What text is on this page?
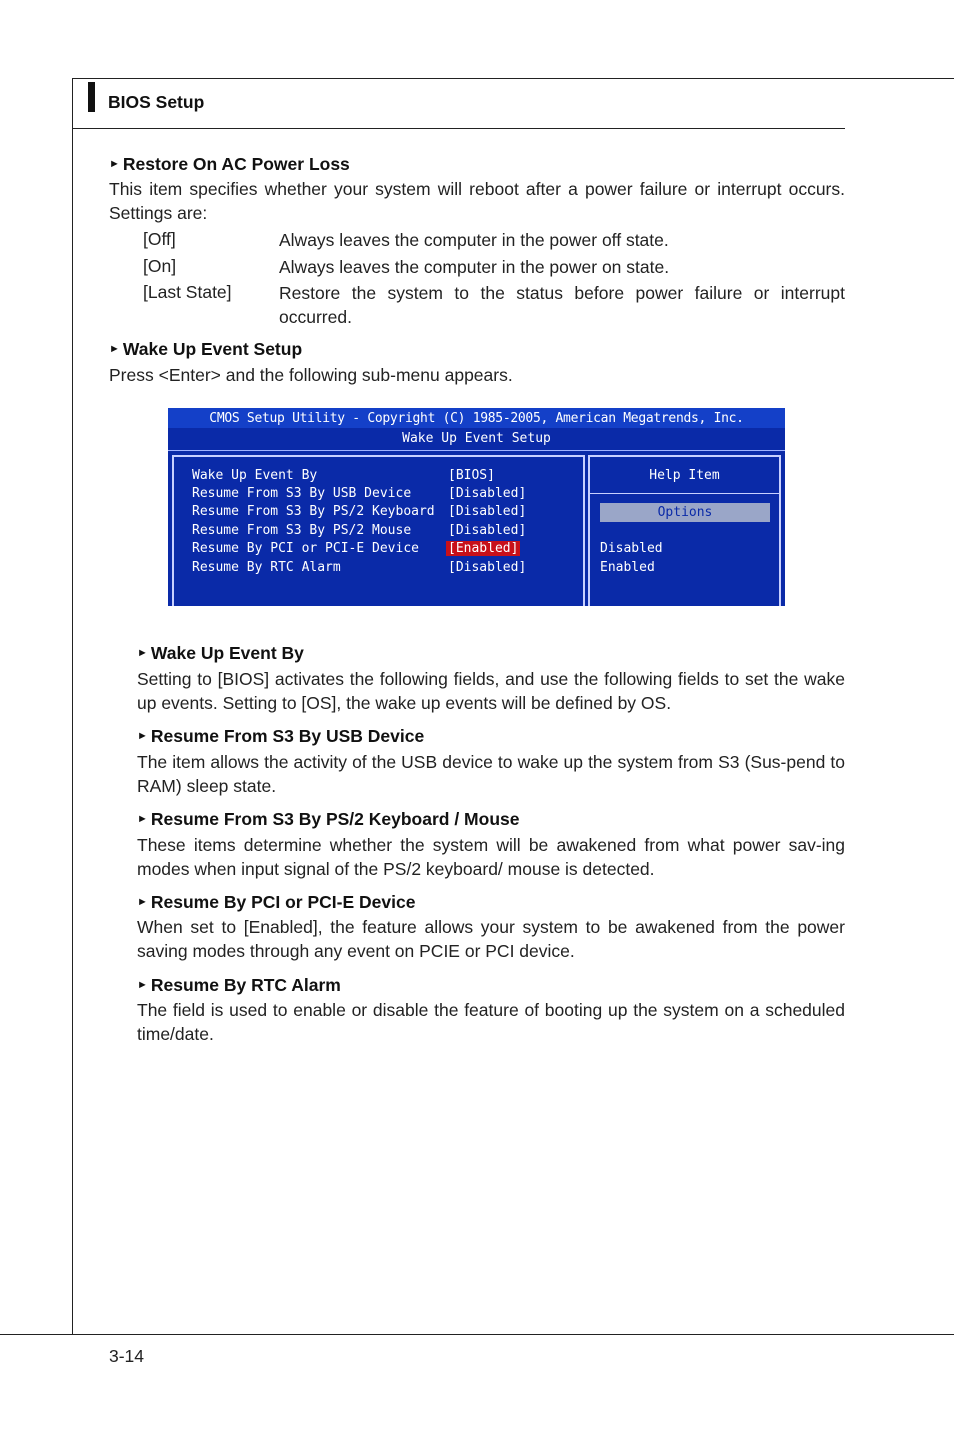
BIOS Setup
► Restore On AC Power Loss
This item specifies whether your system will reboot after a power failure or interrupt occurs. Settings are:
[Off]	Always leaves the computer in the power off state.
[On]	Always leaves the computer in the power on state.
[Last State]	Restore the system to the status before power failure or interrupt occurred.
► Wake Up Event Setup
Press <Enter> and the following sub-menu appears.
CMOS Setup Utility - Copyright (C) 1985-2005, American Megatrends, Inc.
Wake Up Event Setup
Help Item
Wake Up Event By	[BIOS]
Resume From S3 By USB Device	[Disabled]
Resume From S3 By PS/2 Keyboard [Disabled]
Resume From S3 By PS/2 Mouse	[Disabled]
Resume By PCI or PCI-E Device [Enabled]
Resume By RTC Alarm	[Disabled]
Options
Disabled
Enabled
► Wake Up Event By
Setting to [BIOS] activates the following fields, and use the following fields to set the wake up events. Setting to [OS], the wake up events will be defined by OS.
► Resume From S3 By USB Device
The item allows the activity of the USB device to wake up the system from S3 (Sus-pend to RAM) sleep state.
► Resume From S3 By PS/2 Keyboard / Mouse
These items determine whether the system will be awakened from what power sav-ing modes when input signal of the PS/2 keyboard/ mouse is detected.
► Resume By PCI or PCI-E Device
When set to [Enabled], the feature allows your system to be awakened from the power saving modes through any event on PCIE or PCI device.
► Resume By RTC Alarm
The field is used to enable or disable the feature of booting up the system on a scheduled time/date.
3-14
